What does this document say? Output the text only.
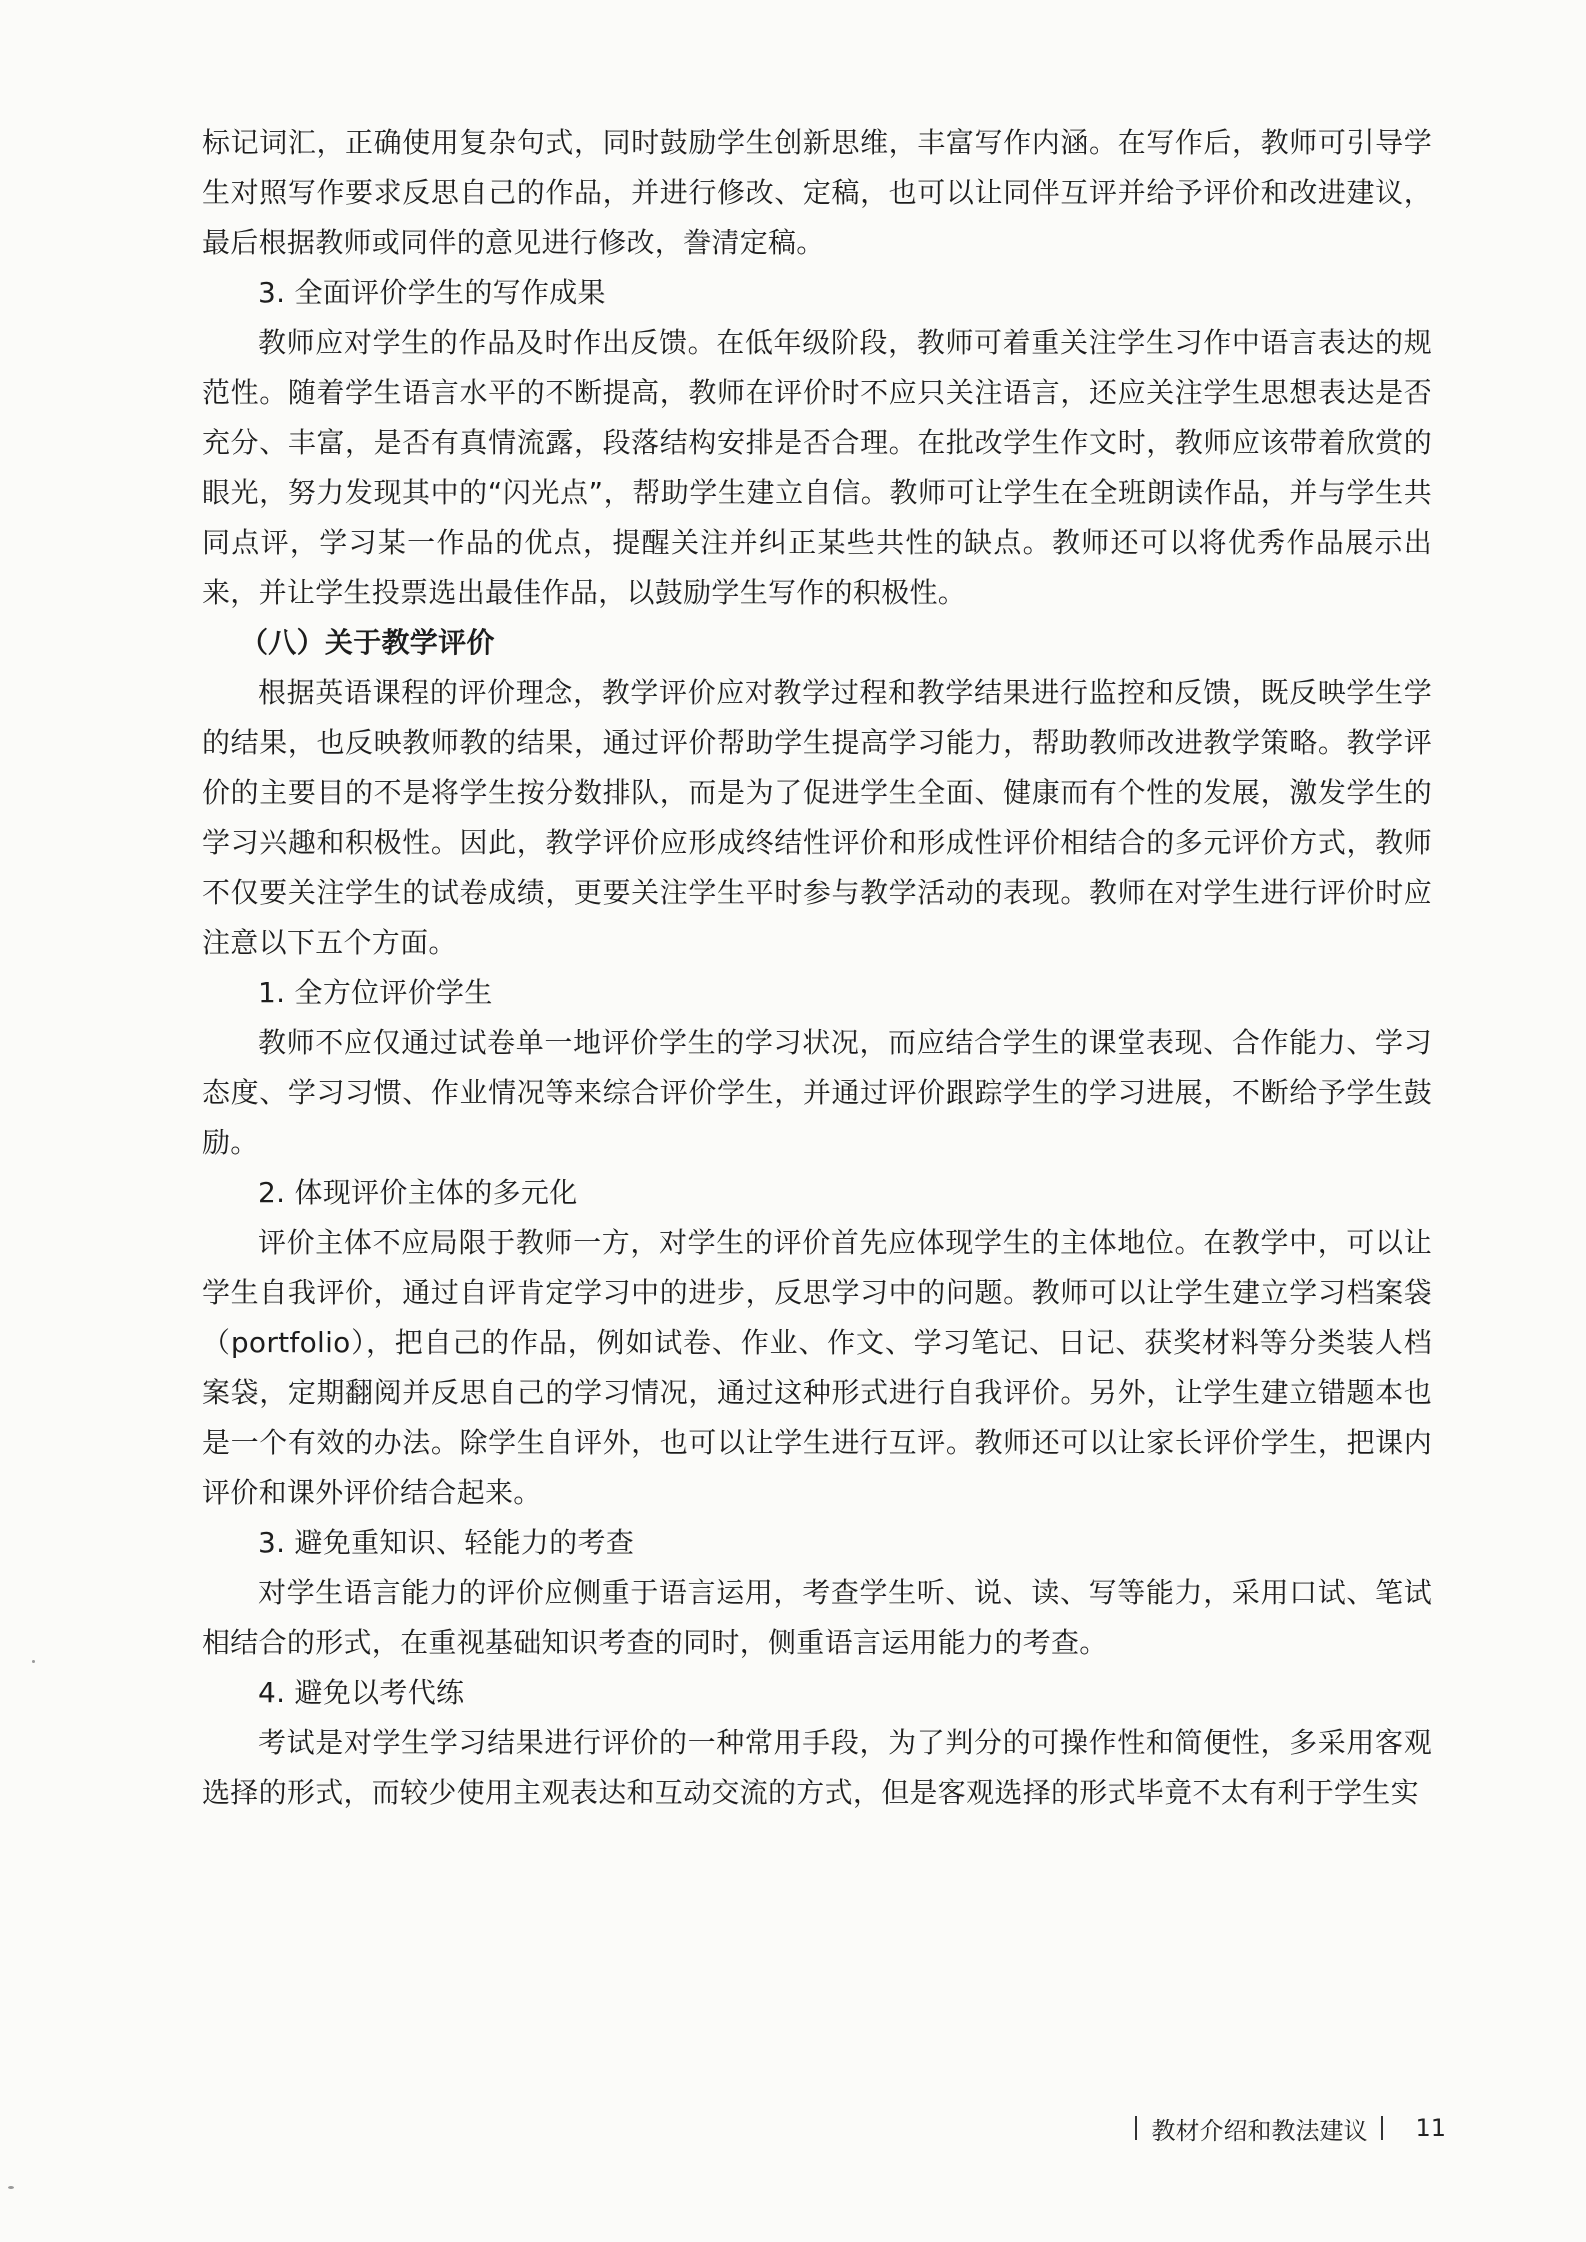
标记词汇，正确使用复杂句式，同时鼓励学生创新思维，丰富写作内涵。在写作后，教师可引导学生对照写作要求反思自己的作品，并进行修改、定稿，也可以让同伴互评并给予评价和改进建议，最后根据教师或同伴的意见进行修改，誊清定稿。

3. 全面评价学生的写作成果

教师应对学生的作品及时作出反馈。在低年级阶段，教师可着重关注学生习作中语言表达的规范性。随着学生语言水平的不断提高，教师在评价时不应只关注语言，还应关注学生思想表达是否充分、丰富，是否有真情流露，段落结构安排是否合理。在批改学生作文时，教师应该带着欣赏的眼光，努力发现其中的“闪光点”，帮助学生建立自信。教师可让学生在全班朗读作品，并与学生共同点评，学习某一作品的优点，提醒关注并纠正某些共性的缺点。教师还可以将优秀作品展示出来，并让学生投票选出最佳作品，以鼓励学生写作的积极性。

（八）关于教学评价

根据英语课程的评价理念，教学评价应对教学过程和教学结果进行监控和反馈，既反映学生学的结果，也反映教师教的结果，通过评价帮助学生提高学习能力，帮助教师改进教学策略。教学评价的主要目的不是将学生按分数排队，而是为了促进学生全面、健康而有个性的发展，激发学生的学习兴趣和积极性。因此，教学评价应形成终结性评价和形成性评价相结合的多元评价方式，教师不仅要关注学生的试卷成绩，更要关注学生平时参与教学活动的表现。教师在对学生进行评价时应注意以下五个方面。

1. 全方位评价学生

教师不应仅通过试卷单一地评价学生的学习状况，而应结合学生的课堂表现、合作能力、学习态度、学习习惯、作业情况等来综合评价学生，并通过评价跟踪学生的学习进展，不断给予学生鼓励。

2. 体现评价主体的多元化

评价主体不应局限于教师一方，对学生的评价首先应体现学生的主体地位。在教学中，可以让学生自我评价，通过自评肯定学习中的进步，反思学习中的问题。教师可以让学生建立学习档案袋（portfolio），把自己的作品，例如试卷、作业、作文、学习笔记、日记、获奖材料等分类装人档案袋，定期翻阅并反思自己的学习情况，通过这种形式进行自我评价。另外，让学生建立错题本也是一个有效的办法。除学生自评外，也可以让学生进行互评。教师还可以让家长评价学生，把课内评价和课外评价结合起来。

3. 避免重知识、轻能力的考查

对学生语言能力的评价应侧重于语言运用，考查学生听、说、读、写等能力，采用口试、笔试相结合的形式，在重视基础知识考查的同时，侧重语言运用能力的考查。

4. 避免以考代练

考试是对学生学习结果进行评价的一种常用手段，为了判分的可操作性和简便性，多采用客观选择的形式，而较少使用主观表达和互动交流的方式，但是客观选择的形式毕竟不太有利于学生实

教材介绍和教法建议 11
